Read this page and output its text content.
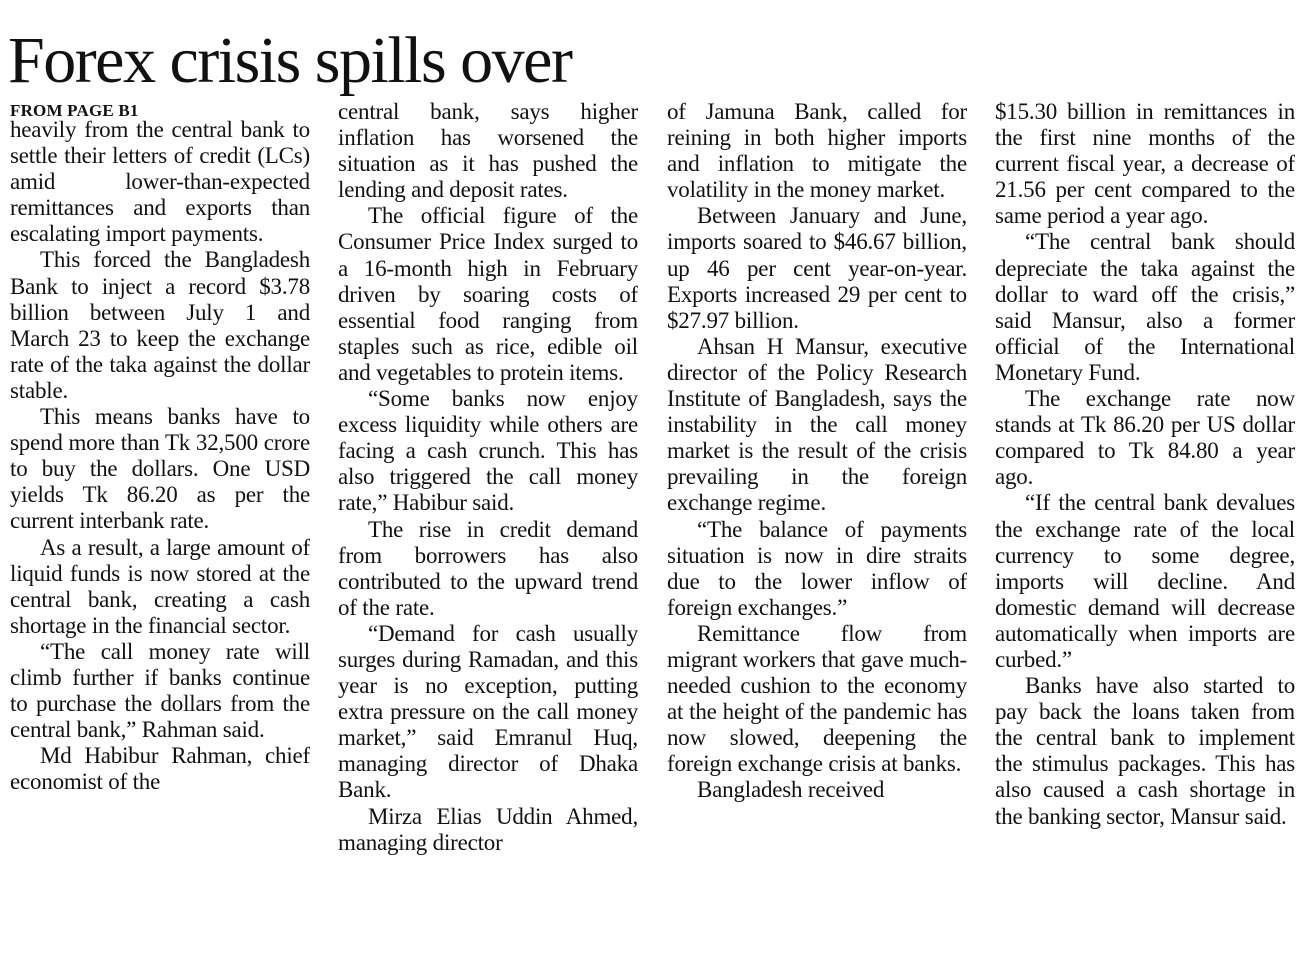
Forex crisis spills over
FROM PAGE B1

heavily from the central bank to settle their letters of credit (LCs) amid lower-than-expected remittances and exports than escalating import payments.

This forced the Bangladesh Bank to inject a record $3.78 billion between July 1 and March 23 to keep the exchange rate of the taka against the dollar stable.

This means banks have to spend more than Tk 32,500 crore to buy the dollars. One USD yields Tk 86.20 as per the current interbank rate.

As a result, a large amount of liquid funds is now stored at the central bank, creating a cash shortage in the financial sector.

“The call money rate will climb further if banks continue to purchase the dollars from the central bank,” Rahman said.

Md Habibur Rahman, chief economist of the

central bank, says higher inflation has worsened the situation as it has pushed the lending and deposit rates.

The official figure of the Consumer Price Index surged to a 16-month high in February driven by soaring costs of essential food ranging from staples such as rice, edible oil and vegetables to protein items.

“Some banks now enjoy excess liquidity while others are facing a cash crunch. This has also triggered the call money rate,” Habibur said.

The rise in credit demand from borrowers has also contributed to the upward trend of the rate.

“Demand for cash usually surges during Ramadan, and this year is no exception, putting extra pressure on the call money market,” said Emranul Huq, managing director of Dhaka Bank.

Mirza Elias Uddin Ahmed, managing director

of Jamuna Bank, called for reining in both higher imports and inflation to mitigate the volatility in the money market.

Between January and June, imports soared to $46.67 billion, up 46 per cent year-on-year. Exports increased 29 per cent to $27.97 billion.

Ahsan H Mansur, executive director of the Policy Research Institute of Bangladesh, says the instability in the call money market is the result of the crisis prevailing in the foreign exchange regime.

“The balance of payments situation is now in dire straits due to the lower inflow of foreign exchanges.”

Remittance flow from migrant workers that gave much-needed cushion to the economy at the height of the pandemic has now slowed, deepening the foreign exchange crisis at banks.

Bangladesh received

$15.30 billion in remittances in the first nine months of the current fiscal year, a decrease of 21.56 per cent compared to the same period a year ago.

“The central bank should depreciate the taka against the dollar to ward off the crisis,” said Mansur, also a former official of the International Monetary Fund.

The exchange rate now stands at Tk 86.20 per US dollar compared to Tk 84.80 a year ago.

“If the central bank devalues the exchange rate of the local currency to some degree, imports will decline. And domestic demand will decrease automatically when imports are curbed.”

Banks have also started to pay back the loans taken from the central bank to implement the stimulus packages. This has also caused a cash shortage in the banking sector, Mansur said.
